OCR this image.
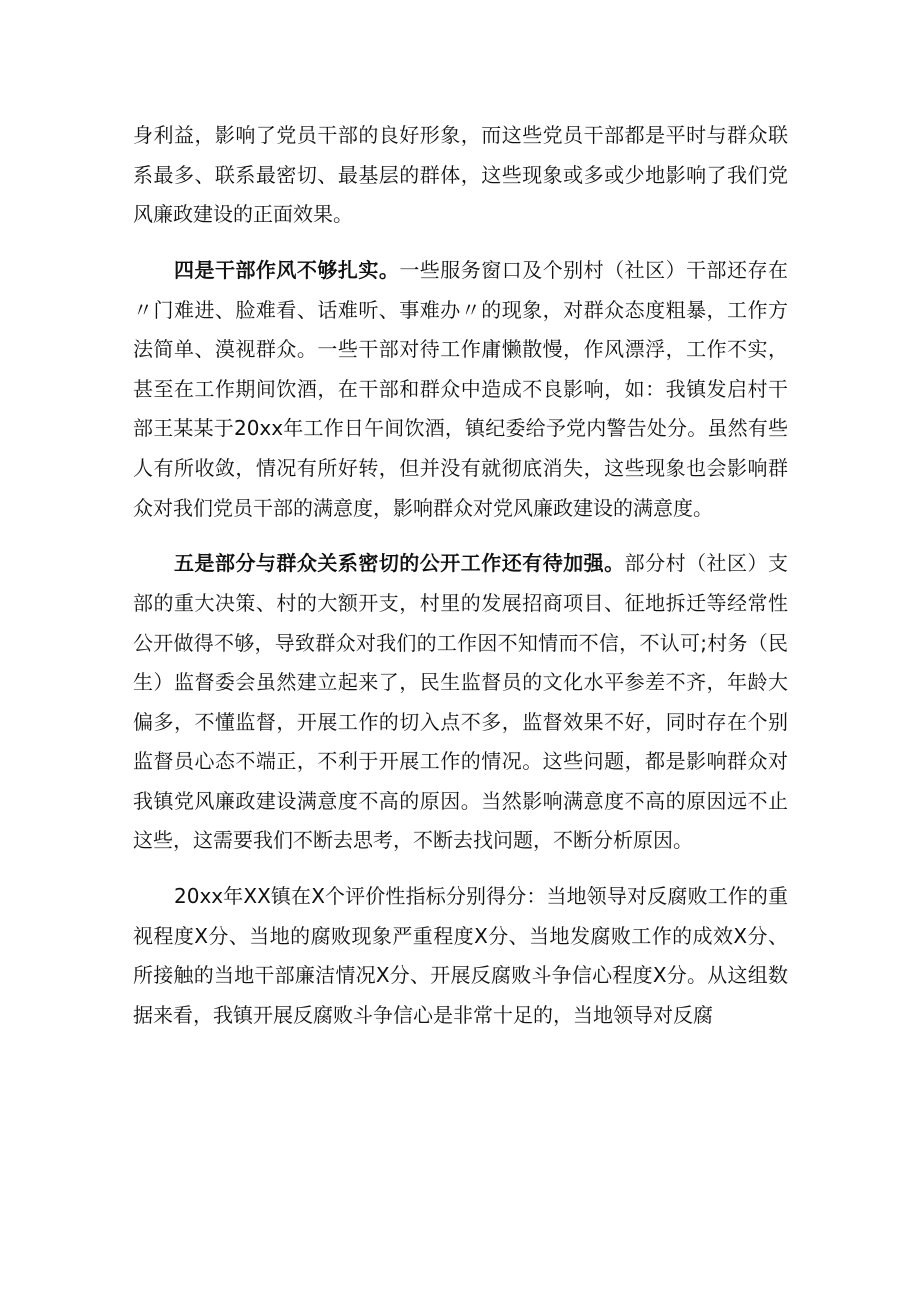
身利益，影响了党员干部的良好形象，而这些党员干部都是平时与群众联系最多、联系最密切、最基层的群体，这些现象或多或少地影响了我们党风廉政建设的正面效果。

四是干部作风不够扎实。一些服务窗口及个别村（社区）干部还存在〃门难进、脸难看、话难听、事难办〃的现象，对群众态度粗暴，工作方法简单、漠视群众。一些干部对待工作庸懒散慢，作风漂浮，工作不实，甚至在工作期间饮酒，在干部和群众中造成不良影响，如：我镇发启村干部王某某于20xx年工作日午间饮酒，镇纪委给予党内警告处分。虽然有些人有所收敛，情况有所好转，但并没有就彻底消失，这些现象也会影响群众对我们党员干部的满意度，影响群众对党风廉政建设的满意度。

五是部分与群众关系密切的公开工作还有待加强。部分村（社区）支部的重大决策、村的大额开支，村里的发展招商项目、征地拆迁等经常性公开做得不够，导致群众对我们的工作因不知情而不信，不认可;村务（民生）监督委会虽然建立起来了，民生监督员的文化水平参差不齐，年龄大偏多，不懂监督，开展工作的切入点不多，监督效果不好，同时存在个别监督员心态不端正，不利于开展工作的情况。这些问题，都是影响群众对我镇党风廉政建设满意度不高的原因。当然影响满意度不高的原因远不止这些，这需要我们不断去思考，不断去找问题，不断分析原因。

20xx年XX镇在X个评价性指标分别得分：当地领导对反腐败工作的重视程度X分、当地的腐败现象严重程度X分、当地发腐败工作的成效X分、所接触的当地干部廉洁情况X分、开展反腐败斗争信心程度X分。从这组数据来看，我镇开展反腐败斗争信心是非常十足的，当地领导对反腐
